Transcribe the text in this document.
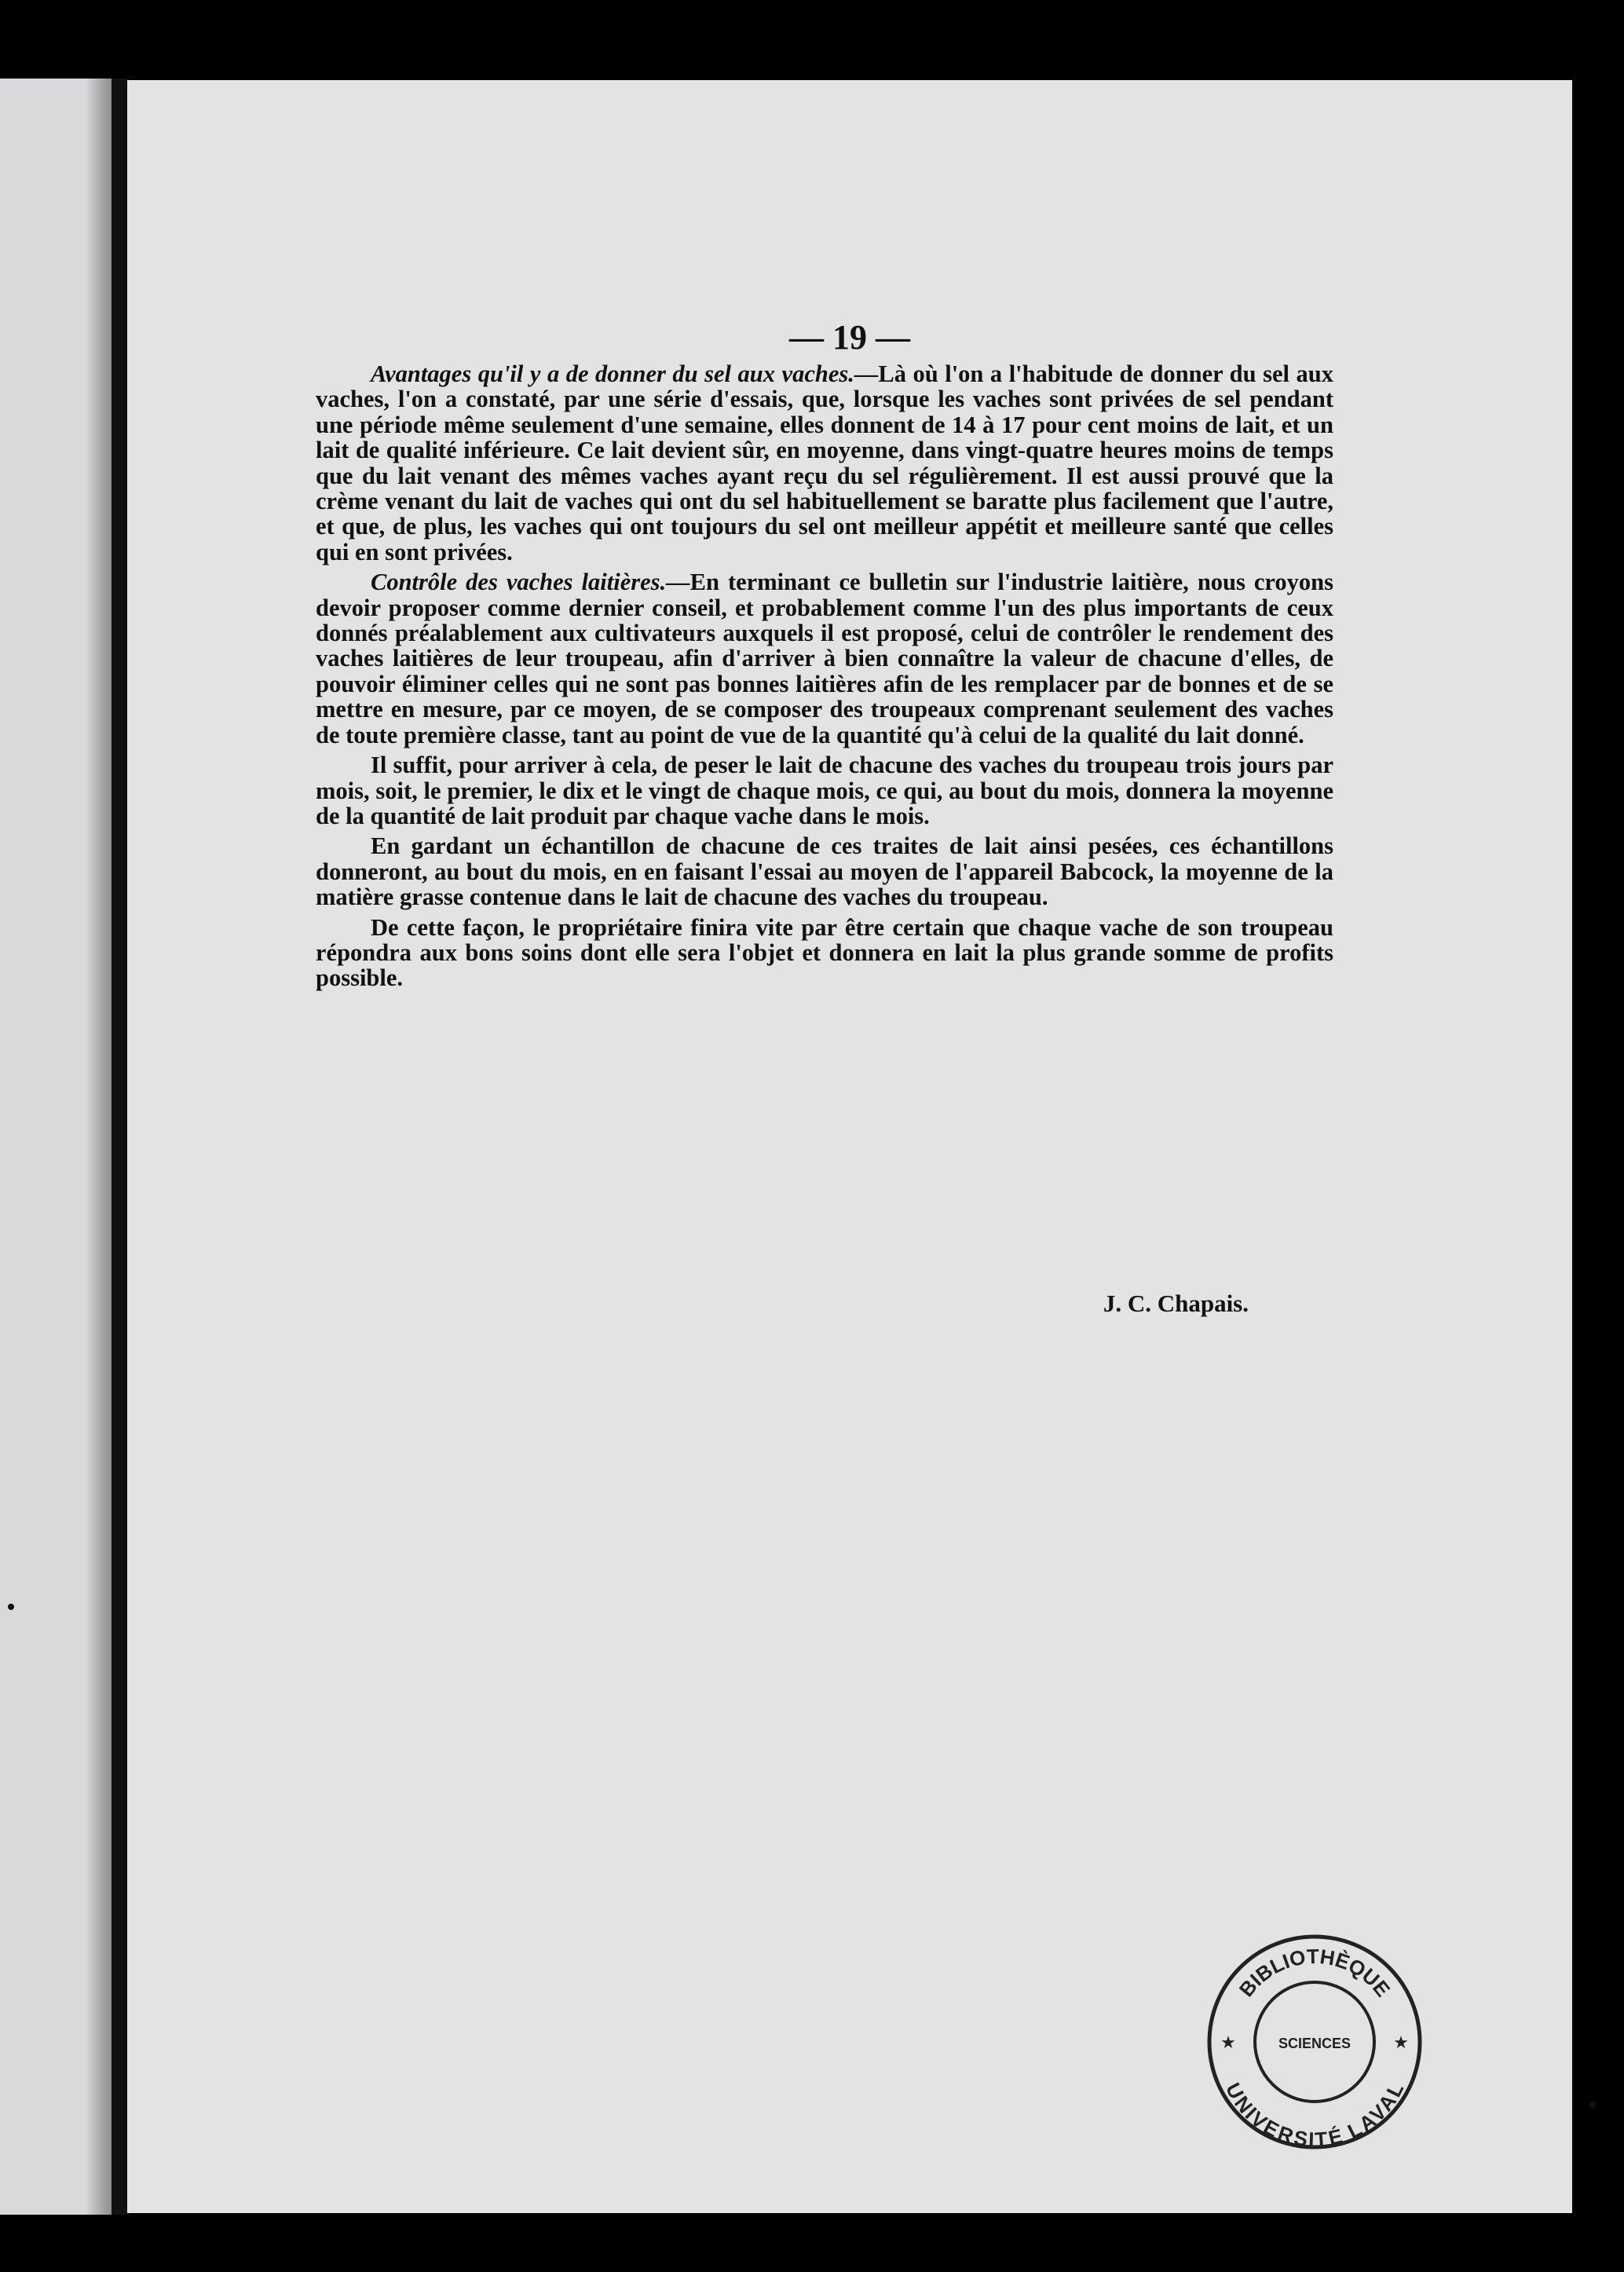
— 19 —

Avantages qu'il y a de donner du sel aux vaches.—Là où l'on a l'habitude de donner du sel aux vaches, l'on a constaté, par une série d'essais, que, lorsque les vaches sont privées de sel pendant une période même seulement d'une semaine, elles donnent de 14 à 17 pour cent moins de lait, et un lait de qualité inférieure. Ce lait devient sûr, en moyenne, dans vingt-quatre heures moins de temps que du lait venant des mêmes vaches ayant reçu du sel régulièrement. Il est aussi prouvé que la crème venant du lait de vaches qui ont du sel habituellement se baratte plus facilement que l'autre, et que, de plus, les vaches qui ont toujours du sel ont meilleur appétit et meilleure santé que celles qui en sont privées.

Contrôle des vaches laitières.—En terminant ce bulletin sur l'industrie laitière, nous croyons devoir proposer comme dernier conseil, et probablement comme l'un des plus importants de ceux donnés préalablement aux cultivateurs auxquels il est proposé, celui de contrôler le rendement des vaches laitières de leur troupeau, afin d'arriver à bien connaître la valeur de chacune d'elles, de pouvoir éliminer celles qui ne sont pas bonnes laitières afin de les remplacer par de bonnes et de se mettre en mesure, par ce moyen, de se composer des troupeaux comprenant seulement des vaches de toute première classe, tant au point de vue de la quantité qu'à celui de la qualité du lait donné.

Il suffit, pour arriver à cela, de peser le lait de chacune des vaches du troupeau trois jours par mois, soit, le premier, le dix et le vingt de chaque mois, ce qui, au bout du mois, donnera la moyenne de la quantité de lait produit par chaque vache dans le mois.

En gardant un échantillon de chacune de ces traites de lait ainsi pesées, ces échantillons donneront, au bout du mois, en en faisant l'essai au moyen de l'appareil Babcock, la moyenne de la matière grasse contenue dans le lait de chacune des vaches du troupeau.

De cette façon, le propriétaire finira vite par être certain que chaque vache de son troupeau répondra aux bons soins dont elle sera l'objet et donnera en lait la plus grande somme de profits possible.

J. C. Chapais.
BIBLIOTHÈQUE
UNIVERSITÉ LAVAL
SCIENCES
★	★
